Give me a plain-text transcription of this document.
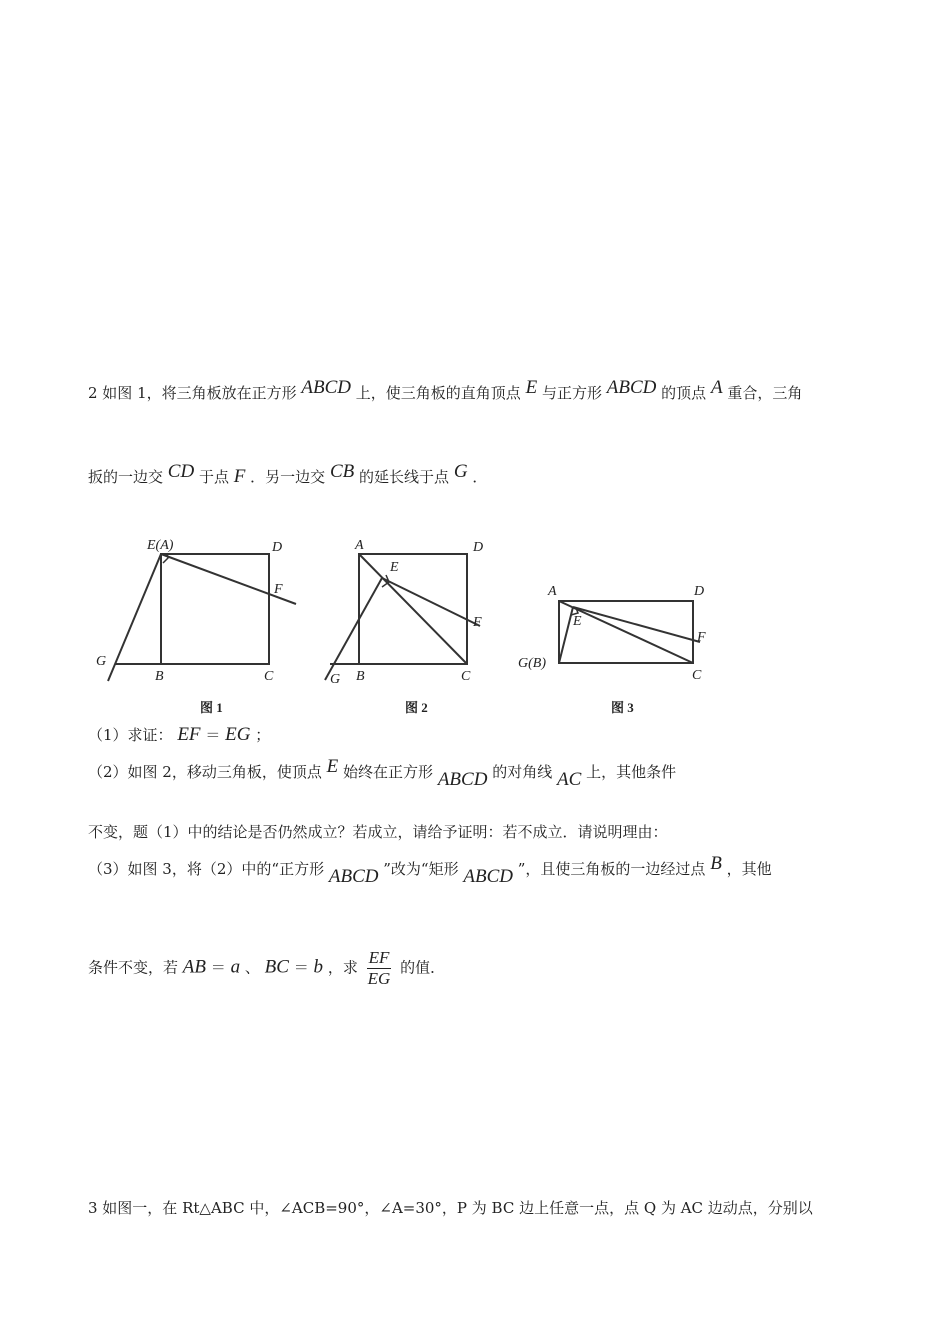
2 如图 1，将三角板放在正方形 ABCD 上，使三角板的直角顶点 E 与正方形 ABCD 的顶点 A 重合，三角
扳的一边交 CD 于点 F ．另一边交 CB 的延长线于点 G ．
E(A)	D
F
G
B	C
图 1
A	D
E
F
G B	C
图 2
A	D
E
F
G(B)
C
图 3
（1）求证： EF ＝ EG ；
（2）如图 2，移动三角板，使顶点 E 始终在正方形 ABCD 的对角线 AC 上，其他条件
不变，题（1）中的结论是否仍然成立？若成立，请给予证明：若不成立．请说明理由：
（3）如图 3，将（2）中的“正方形 ABCD ”改为“矩形 ABCD ”，且使三角板的一边经过点 B ，其他
条件不变，若 AB ＝ a 、 BC ＝ b ，求 $\frac{EF}{EG}$ 的值．
3 如图一，在 Rt△ABC 中，∠ACB=90°，∠A=30°，P 为 BC 边上任意一点，点 Q 为 AC 边动点，分别以
